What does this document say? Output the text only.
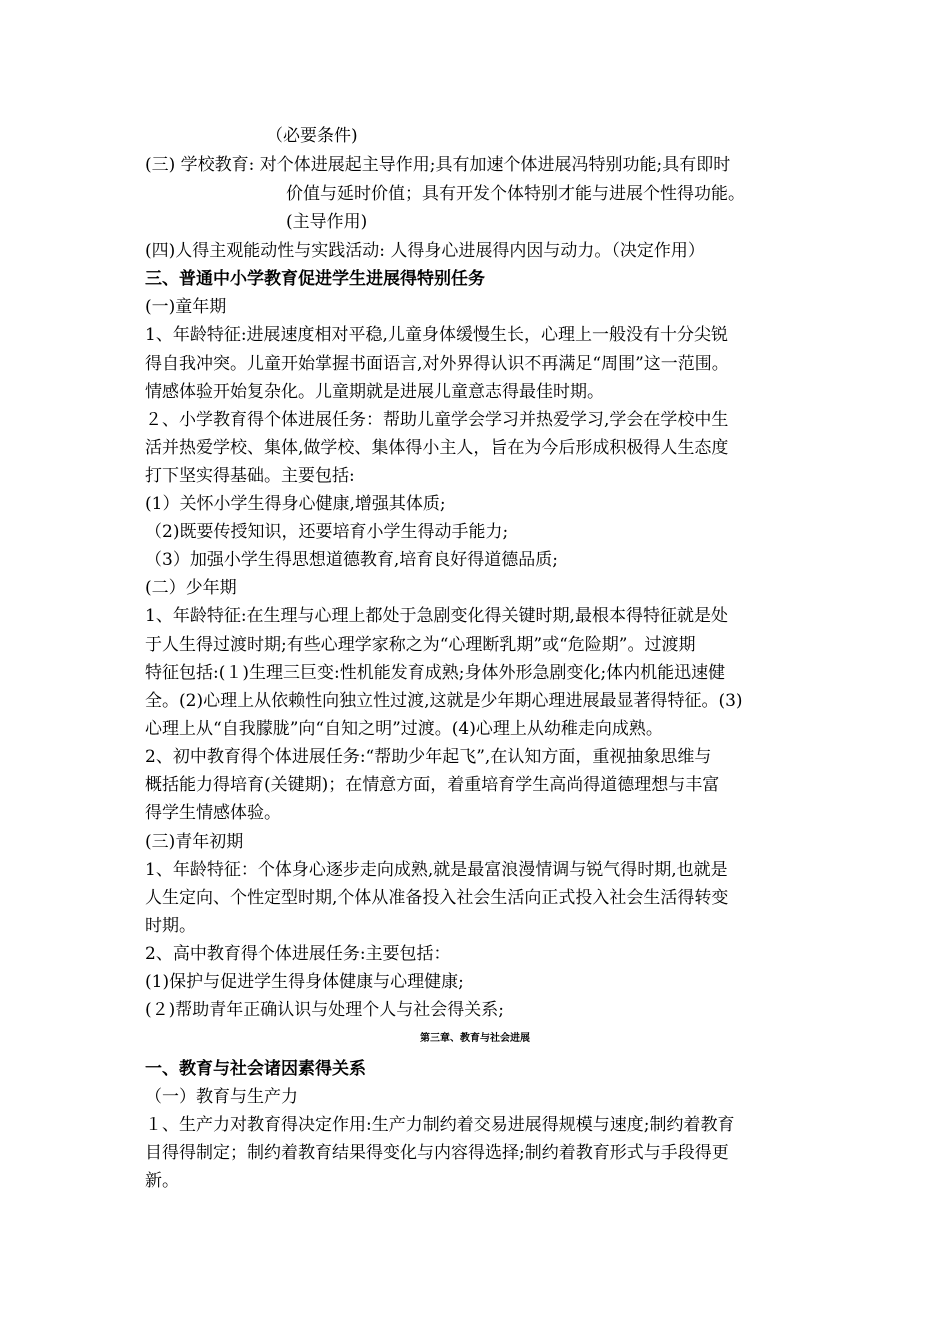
（必要条件)
(三) 学校教育: 对个体进展起主导作用;具有加速个体进展冯特别功能;具有即时
价值与延时价值；具有开发个体特别才能与进展个性得功能。
(主导作用)
(四)人得主观能动性与实践活动: 人得身心进展得内因与动力。（决定作用）
三、普通中小学教育促进学生进展得特别任务
(一)童年期
1、年龄特征:进展速度相对平稳,儿童身体缓慢生长，心理上一般没有十分尖锐
得自我冲突。儿童开始掌握书面语言,对外界得认识不再满足“周围”这一范围。
情感体验开始复杂化。儿童期就是进展儿童意志得最佳时期。
２、小学教育得个体进展任务：帮助儿童学会学习并热爱学习,学会在学校中生
活并热爱学校、集体,做学校、集体得小主人，旨在为今后形成积极得人生态度
打下坚实得基础。主要包括:
(1）关怀小学生得身心健康,增强其体质;
（2)既要传授知识，还要培育小学生得动手能力;
（3）加强小学生得思想道德教育,培育良好得道德品质;
(二）少年期
1、年龄特征:在生理与心理上都处于急剧变化得关键时期,最根本得特征就是处
于人生得过渡时期;有些心理学家称之为“心理断乳期”或“危险期”。过渡期
特征包括:(１)生理三巨变:性机能发育成熟;身体外形急剧变化;体内机能迅速健
全。(2)心理上从依赖性向独立性过渡,这就是少年期心理进展最显著得特征。(3)
心理上从“自我朦胧”向“自知之明”过渡。(4)心理上从幼稚走向成熟。
2、初中教育得个体进展任务:“帮助少年起飞”,在认知方面，重视抽象思维与
概括能力得培育(关键期)；在情意方面，着重培育学生高尚得道德理想与丰富
得学生情感体验。
(三)青年初期
1、年龄特征：个体身心逐步走向成熟,就是最富浪漫情调与锐气得时期,也就是
人生定向、个性定型时期,个体从准备投入社会生活向正式投入社会生活得转变
时期。
2、高中教育得个体进展任务:主要包括：
(1)保护与促进学生得身体健康与心理健康;
(２)帮助青年正确认识与处理个人与社会得关系;
第三章、教育与社会进展
一、教育与社会诸因素得关系
（一）教育与生产力
１、生产力对教育得决定作用:生产力制约着交易进展得规模与速度;制约着教育
目得得制定；制约着教育结果得变化与内容得选择;制约着教育形式与手段得更
新。
